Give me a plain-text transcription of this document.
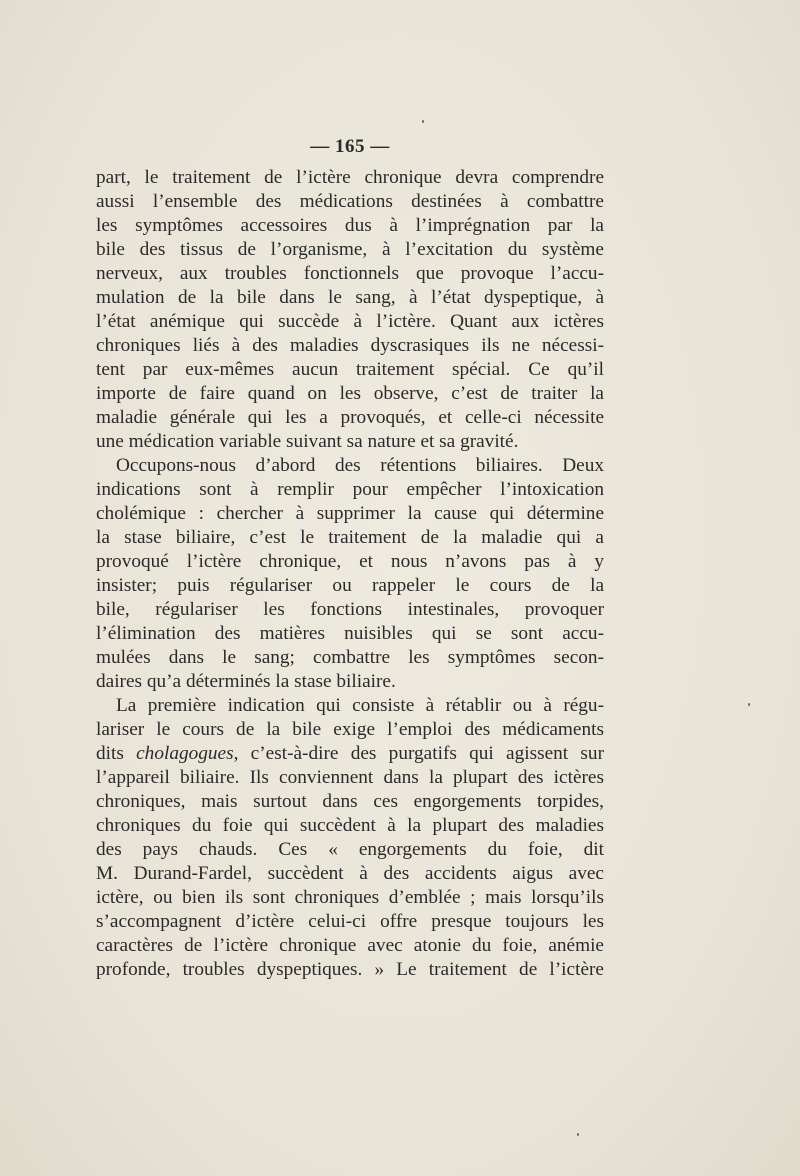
— 165 —
part, le traitement de l’ictère chronique devra comprendre
aussi l’ensemble des médications destinées à combattre
les symptômes accessoires dus à l’imprégnation par la
bile des tissus de l’organisme, à l’excitation du système
nerveux, aux troubles fonctionnels que provoque l’accu-
mulation de la bile dans le sang, à l’état dyspeptique, à
l’état anémique qui succède à l’ictère. Quant aux ictères
chroniques liés à des maladies dyscrasiques ils ne nécessi-
tent par eux-mêmes aucun traitement spécial. Ce qu’il
importe de faire quand on les observe, c’est de traiter la
maladie générale qui les a provoqués, et celle-ci nécessite
une médication variable suivant sa nature et sa gravité.
Occupons-nous d’abord des rétentions biliaires. Deux
indications sont à remplir pour empêcher l’intoxication
cholémique : chercher à supprimer la cause qui détermine
la stase biliaire, c’est le traitement de la maladie qui a
provoqué l’ictère chronique, et nous n’avons pas à y
insister; puis régulariser ou rappeler le cours de la
bile, régulariser les fonctions intestinales, provoquer
l’élimination des matières nuisibles qui se sont accu-
mulées dans le sang; combattre les symptômes secon-
daires qu’a déterminés la stase biliaire.
La première indication qui consiste à rétablir ou à régu-
lariser le cours de la bile exige l’emploi des médicaments
dits cholagogues, c’est-à-dire des purgatifs qui agissent sur
l’appareil biliaire. Ils conviennent dans la plupart des ictères
chroniques, mais surtout dans ces engorgements torpides,
chroniques du foie qui succèdent à la plupart des maladies
des pays chauds. Ces « engorgements du foie, dit
M. Durand-Fardel, succèdent à des accidents aigus avec
ictère, ou bien ils sont chroniques d’emblée ; mais lorsqu’ils
s’accompagnent d’ictère celui-ci offre presque toujours les
caractères de l’ictère chronique avec atonie du foie, anémie
profonde, troubles dyspeptiques. » Le traitement de l’ictère
